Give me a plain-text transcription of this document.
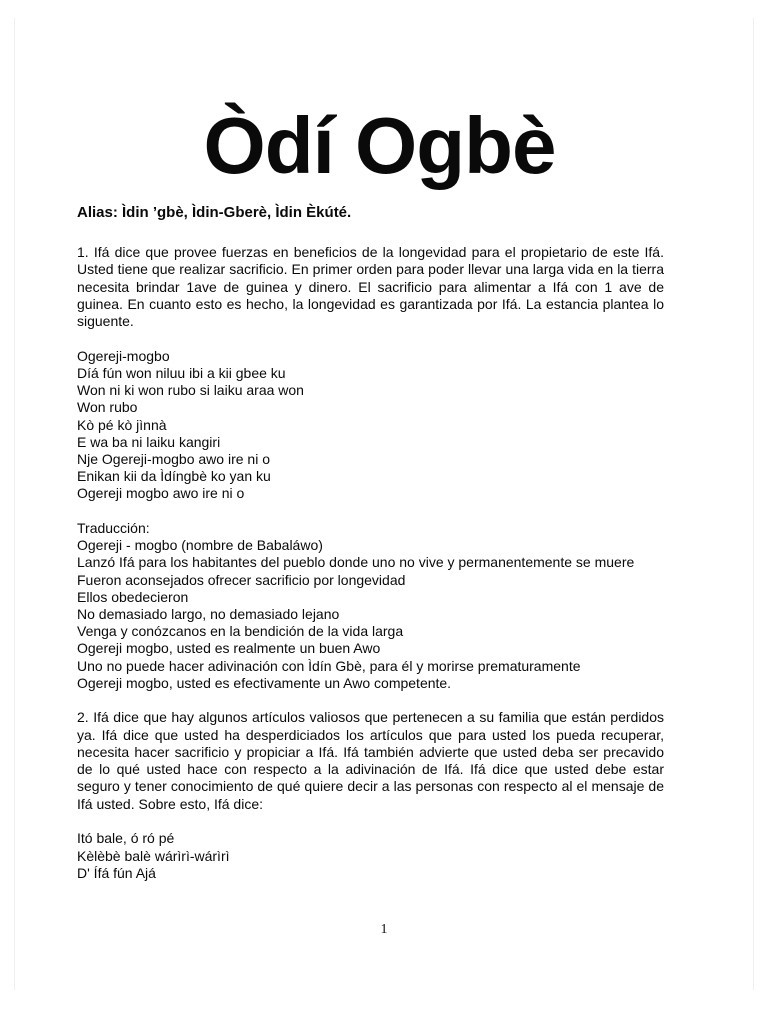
Òdí Ogbè
Alias: Ìdin ’gbè, Ìdin-Gberè, Ìdin Èkúté.

1. Ifá dice que provee fuerzas en beneficios de la longevidad para el propietario de este Ifá. Usted tiene que realizar sacrificio. En primer orden para poder llevar una larga vida en la tierra necesita brindar 1ave de guinea y dinero. El sacrificio para alimentar a Ifá con 1 ave de guinea. En cuanto esto es hecho, la longevidad es garantizada por Ifá. La estancia plantea lo siguente.

Ogereji-mogbo
Díá fún won niluu ibi a kii gbee ku
Won ni ki won rubo si laiku araa won
Won rubo
Kò pé kò jìnnà
E wa ba ni laiku kangiri
Nje Ogereji-mogbo awo ire ni o
Enikan kii da Ìdíngbè ko yan ku
Ogereji mogbo awo ire ni o
Traducción:
Ogereji - mogbo (nombre de Babaláwo)
Lanzó Ifá para los habitantes del pueblo donde uno no vive y permanentemente se muere
Fueron aconsejados ofrecer sacrificio por longevidad
Ellos obedecieron
No demasiado largo, no demasiado lejano
Venga y conózcanos en la bendición de la vida larga
Ogereji mogbo, usted es realmente un buen Awo
Uno no puede hacer adivinación con Ìdín Gbè, para él y morirse prematuramente
Ogereji mogbo, usted es efectivamente un Awo competente.

2. Ifá dice que hay algunos artículos valiosos que pertenecen a su familia que están perdidos ya. Ifá dice que usted ha desperdiciados los artículos que para usted los pueda recuperar, necesita hacer sacrificio y propiciar a Ifá. Ifá también advierte que usted deba ser precavido de lo qué usted hace con respecto a la adivinación de Ifá. Ifá dice que usted debe estar seguro y tener conocimiento de qué quiere decir a las personas con respecto al el mensaje de Ifá usted. Sobre esto, Ifá dice:

Itó bale, ó ró pé
Kèlèbè balè wárìrì-wárìrì
D' Ífá fún Ajá
1
